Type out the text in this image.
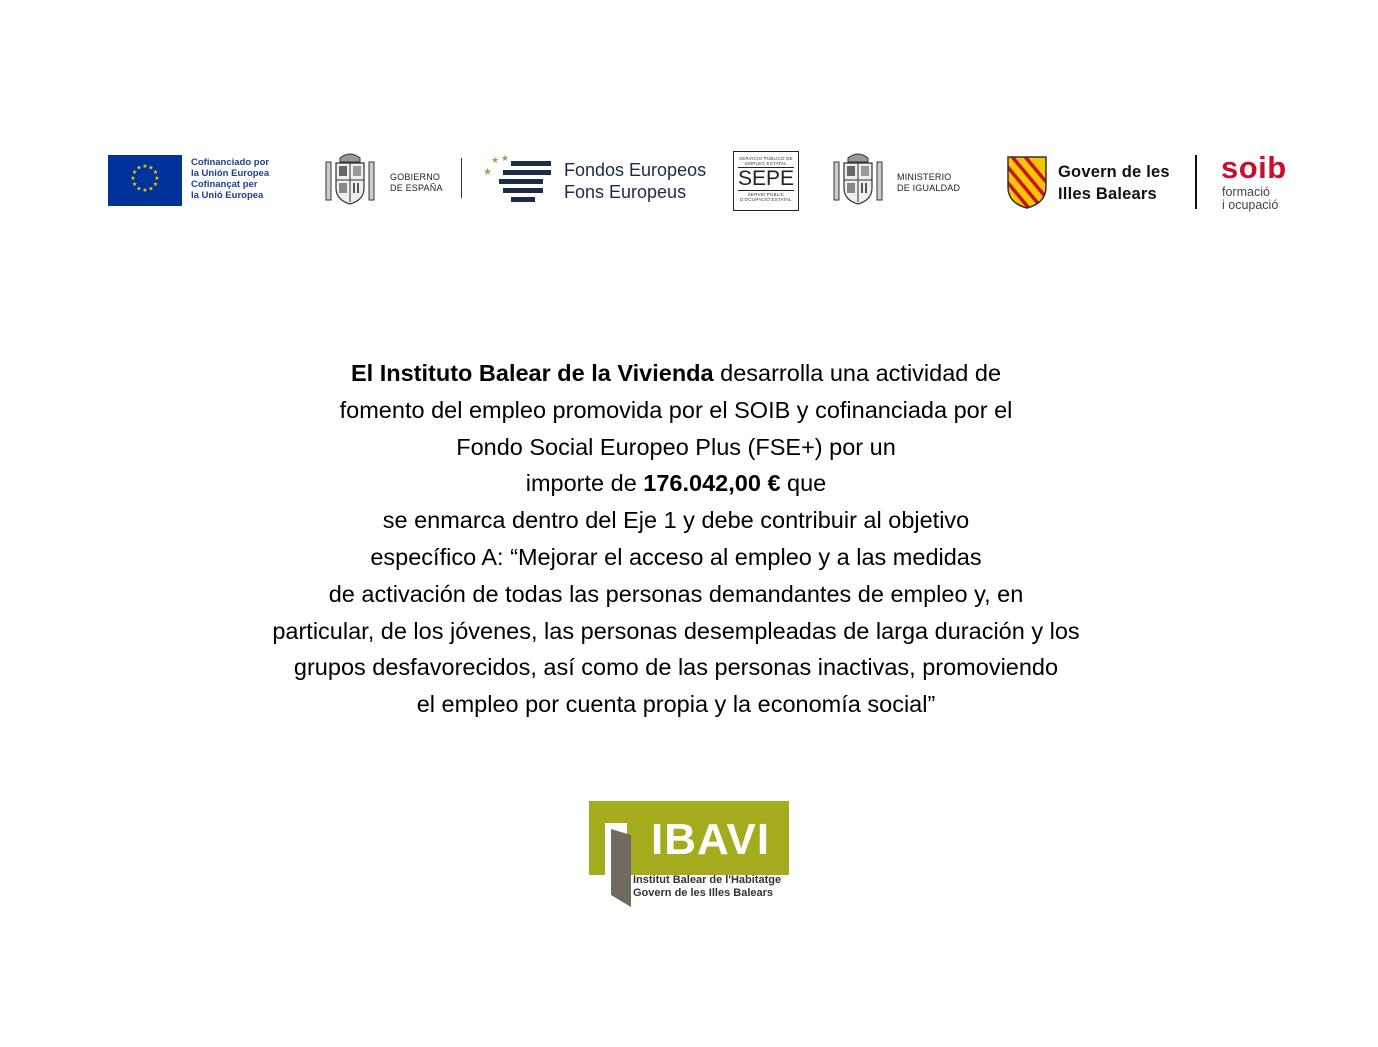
★ ★
★
★
★
★
★
★
★
★
★
★
Cofinanciado por
la Unión Europea
Cofinançat per
la Unió Europea
GOBIERNO
DE ESPAÑA
★
★ ★
Fondos Europeos
Fons Europeus
SERVICIO PÚBLICO DE EMPLEO ESTATAL
SEPE
SERVEI PÚBLIC D'OCUPACIÓ ESTATAL
MINISTERIO
DE IGUALDAD
Govern de les
Illes Balears
soib
formació
i ocupació
El Instituto Balear de la Vivienda desarrolla una actividad de
fomento del empleo promovida por el SOIB y cofinanciada por el
Fondo Social Europeo Plus (FSE+) por un
importe de 176.042,00 € que
se enmarca dentro del Eje 1 y debe contribuir al objetivo
específico A: “Mejorar el acceso al empleo y a las medidas
de activación de todas las personas demandantes de empleo y, en
particular, de los jóvenes, las personas desempleadas de larga duración y los
grupos desfavorecidos, así como de las personas inactivas, promoviendo
el empleo por cuenta propia y la economía social”
IBAVI
Institut Balear de l'Habitatge
Govern de les Illes Balears
